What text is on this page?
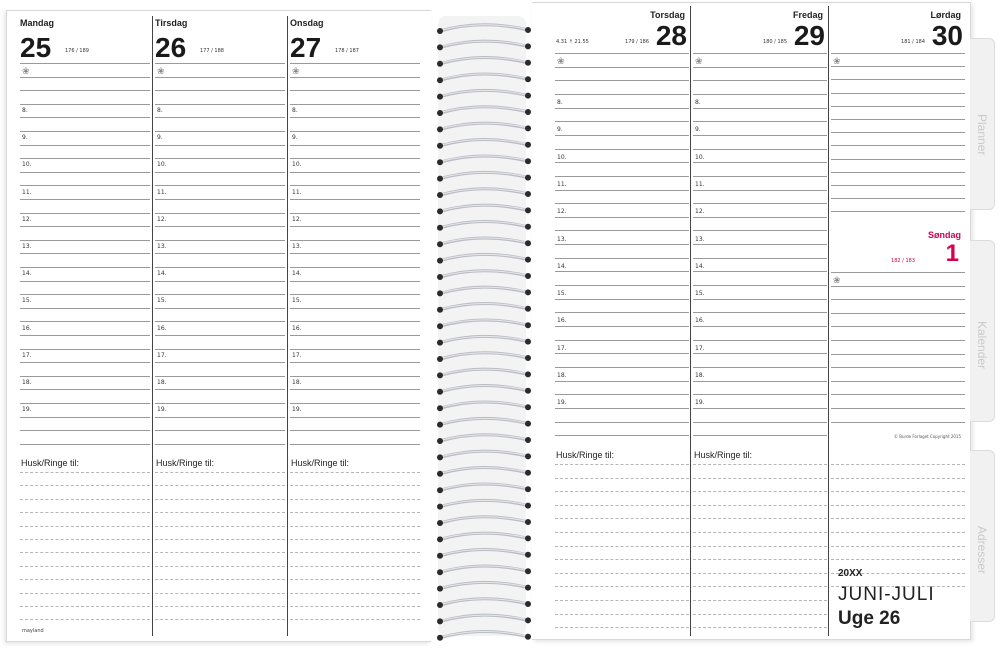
Planner
Kalender
Adresser
Mandag
25	176 / 189
❀
8.
9.
10.
11.
12.
13.
14.
15.
16.
17.
18.
19.
Husk/Ringe til:
Tirsdag
26	177 / 188
❀
8.
9.
10.
11.
12.
13.
14.
15.
16.
17.
18.
19.
Husk/Ringe til:
Onsdag
27	178 / 187
❀
8.
9.
10.
11.
12.
13.
14.
15.
16.
17.
18.
19.
Husk/Ringe til:
mayland
Torsdag
28
179 / 186
4.31 ↑ 21.55
❀
8.
9.
10.
11.
12.
13.
14.
15.
16.
17.
18.
19.
Husk/Ringe til:
Fredag
29
180 / 185
❀
8.
9.
10.
11.
12.
13.
14.
15.
16.
17.
18.
19.
Husk/Ringe til:
Lørdag
30
181 / 184
❀
Søndag
1
182 / 183
❀
© Burde Forlaget Copyright 2015
20XX
JUNI-JULI
Uge 26
